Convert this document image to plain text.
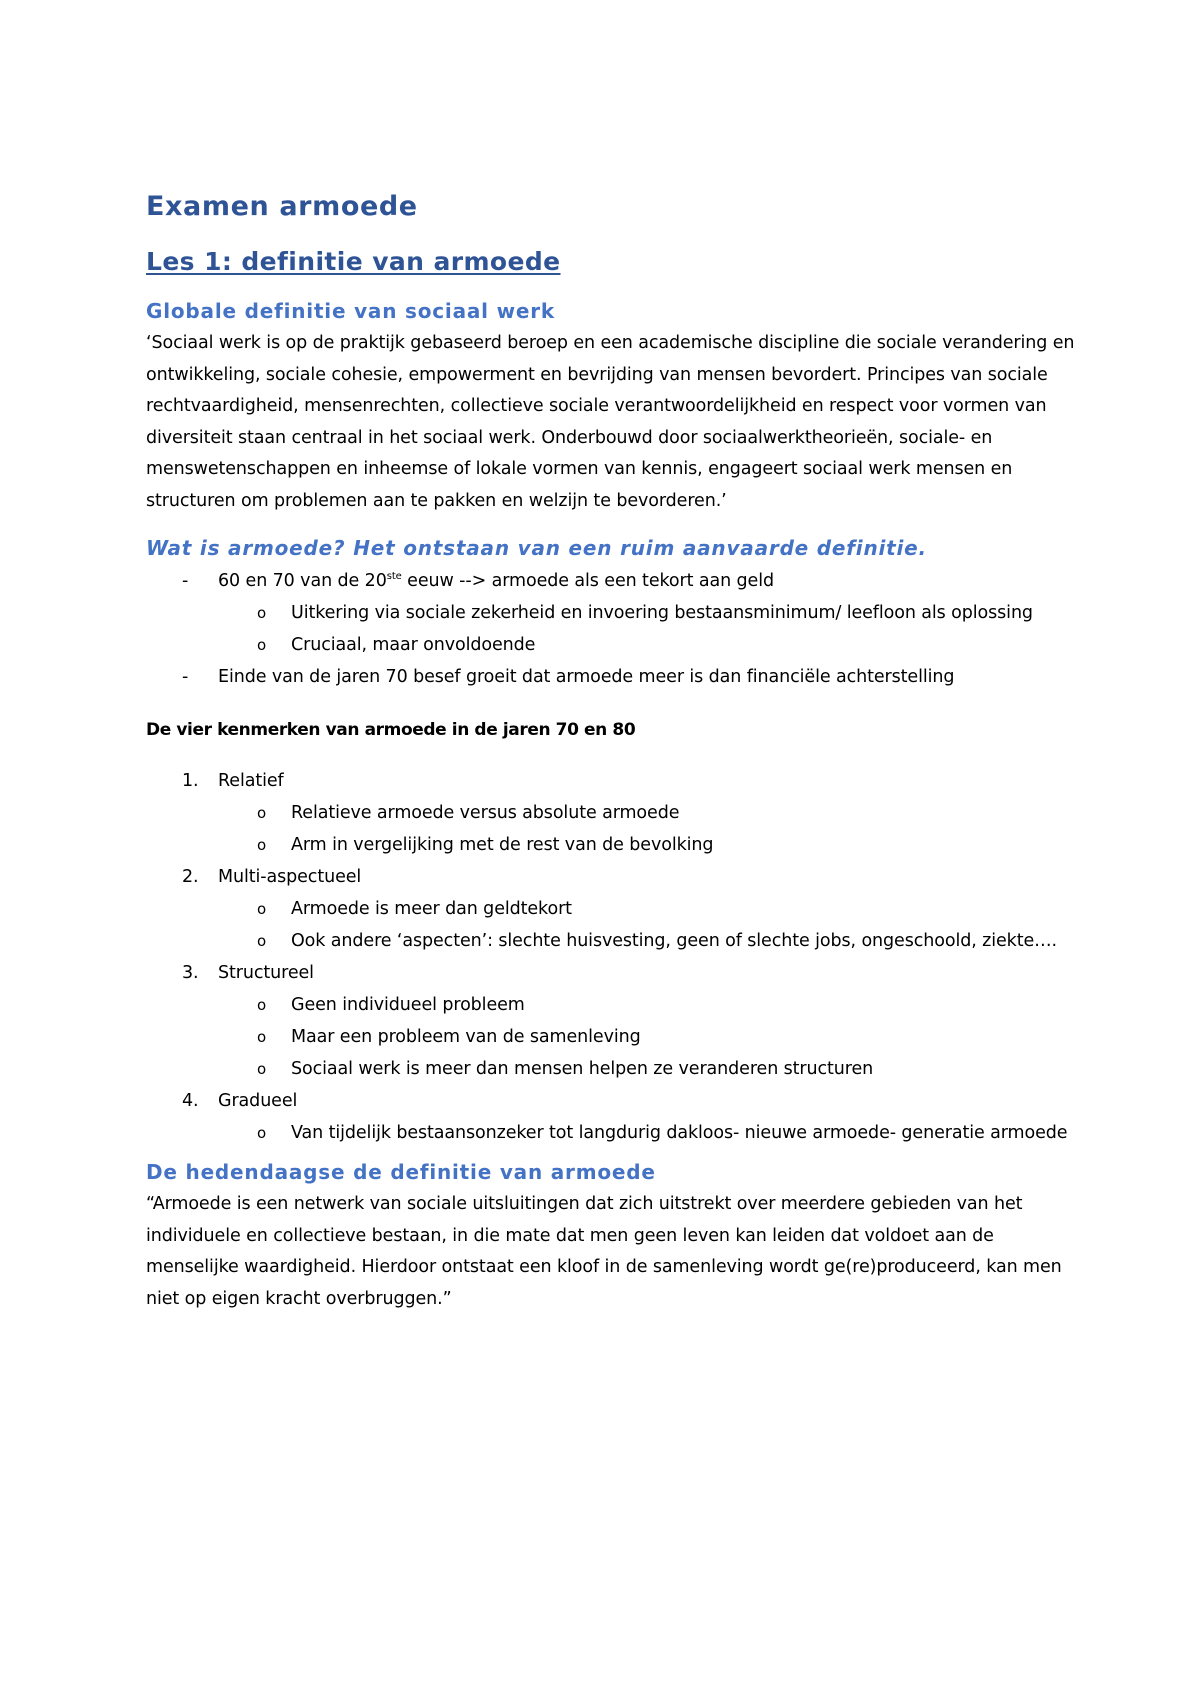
Examen armoede
Les 1: definitie van armoede
Globale definitie van sociaal werk

‘Sociaal werk is op de praktijk gebaseerd beroep en een academische discipline die sociale verandering en ontwikkeling, sociale cohesie, empowerment en bevrijding van mensen bevordert. Principes van sociale rechtvaardigheid, mensenrechten, collectieve sociale verantwoordelijkheid en respect voor vormen van diversiteit staan centraal in het sociaal werk. Onderbouwd door sociaalwerktheorieën, sociale- en menswetenschappen en inheemse of lokale vormen van kennis, engageert sociaal werk mensen en structuren om problemen aan te pakken en welzijn te bevorderen.’

Wat is armoede? Het ontstaan van een ruim aanvaarde definitie.
- 60 en 70 van de 20ste eeuw --> armoede als een tekort aan geld
o Uitkering via sociale zekerheid en invoering bestaansminimum/ leefloon als oplossing
o Cruciaal, maar onvoldoende
- Einde van de jaren 70 besef groeit dat armoede meer is dan financiële achterstelling
De vier kenmerken van armoede in de jaren 70 en 80
1. Relatief
o Relatieve armoede versus absolute armoede
o Arm in vergelijking met de rest van de bevolking
2. Multi-aspectueel
o Armoede is meer dan geldtekort
o Ook andere ‘aspecten’: slechte huisvesting, geen of slechte jobs, ongeschoold, ziekte….
3. Structureel
o Geen individueel probleem
o Maar een probleem van de samenleving
o Sociaal werk is meer dan mensen helpen ze veranderen structuren
4. Gradueel
o Van tijdelijk bestaansonzeker tot langdurig dakloos- nieuwe armoede- generatie armoede
De hedendaagse de definitie van armoede

“Armoede is een netwerk van sociale uitsluitingen dat zich uitstrekt over meerdere gebieden van het individuele en collectieve bestaan, in die mate dat men geen leven kan leiden dat voldoet aan de menselijke waardigheid. Hierdoor ontstaat een kloof in de samenleving wordt ge(re)produceerd, kan men niet op eigen kracht overbruggen.”
